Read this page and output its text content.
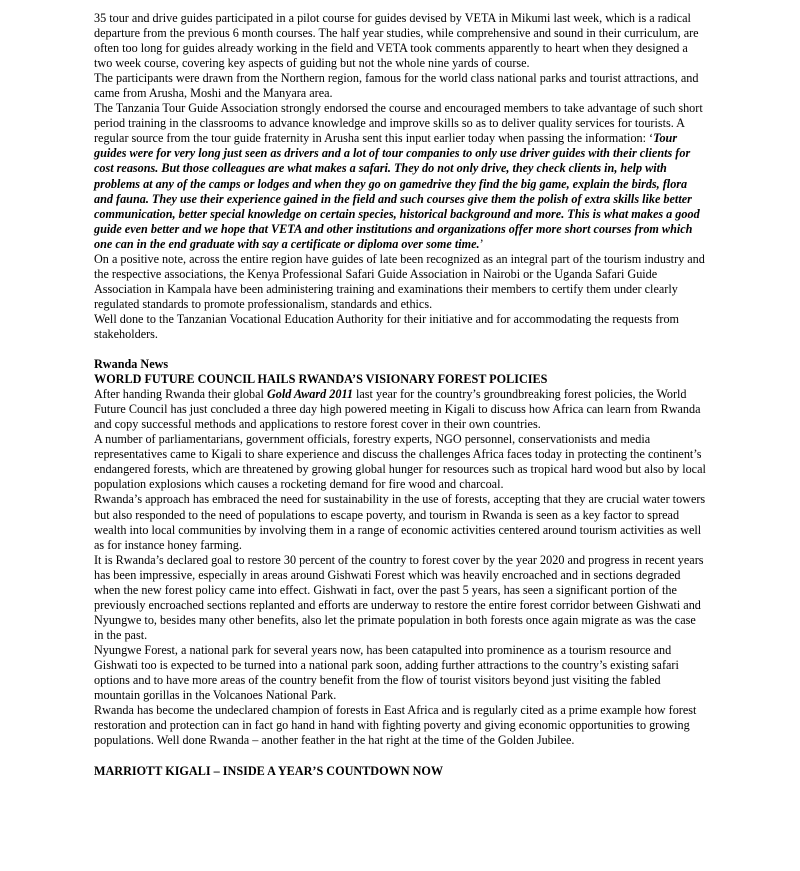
35 tour and drive guides participated in a pilot course for guides devised by VETA in Mikumi last week, which is a radical departure from the previous 6 month courses. The half year studies, while comprehensive and sound in their curriculum, are often too long for guides already working in the field and VETA took comments apparently to heart when they designed a two week course, covering key aspects of guiding but not the whole nine yards of course.

The participants were drawn from the Northern region, famous for the world class national parks and tourist attractions, and came from Arusha, Moshi and the Manyara area.

The Tanzania Tour Guide Association strongly endorsed the course and encouraged members to take advantage of such short period training in the classrooms to advance knowledge and improve skills so as to deliver quality services for tourists. A regular source from the tour guide fraternity in Arusha sent this input earlier today when passing the information: ‘Tour guides were for very long just seen as drivers and a lot of tour companies to only use driver guides with their clients for cost reasons. But those colleagues are what makes a safari. They do not only drive, they check clients in, help with problems at any of the camps or lodges and when they go on gamedrive they find the big game, explain the birds, flora and fauna. They use their experience gained in the field and such courses give them the polish of extra skills like better communication, better special knowledge on certain species, historical background and more. This is what makes a good guide even better and we hope that VETA and other institutions and organizations offer more short courses from which one can in the end graduate with say a certificate or diploma over some time.’

On a positive note, across the entire region have guides of late been recognized as an integral part of the tourism industry and the respective associations, the Kenya Professional Safari Guide Association in Nairobi or the Uganda Safari Guide Association in Kampala have been administering training and examinations their members to certify them under clearly regulated standards to promote professionalism, standards and ethics.

Well done to the Tanzanian Vocational Education Authority for their initiative and for accommodating the requests from stakeholders.

Rwanda News

WORLD FUTURE COUNCIL HAILS RWANDA’S VISIONARY FOREST POLICIES

After handing Rwanda their global Gold Award 2011 last year for the country’s groundbreaking forest policies, the World Future Council has just concluded a three day high powered meeting in Kigali to discuss how Africa can learn from Rwanda and copy successful methods and applications to restore forest cover in their own countries.

A number of parliamentarians, government officials, forestry experts, NGO personnel, conservationists and media representatives came to Kigali to share experience and discuss the challenges Africa faces today in protecting the continent’s endangered forests, which are threatened by growing global hunger for resources such as tropical hard wood but also by local population explosions which causes a rocketing demand for fire wood and charcoal.

Rwanda’s approach has embraced the need for sustainability in the use of forests, accepting that they are crucial water towers but also responded to the need of populations to escape poverty, and tourism in Rwanda is seen as a key factor to spread wealth into local communities by involving them in a range of economic activities centered around tourism activities as well as for instance honey farming.

It is Rwanda’s declared goal to restore 30 percent of the country to forest cover by the year 2020 and progress in recent years has been impressive, especially in areas around Gishwati Forest which was heavily encroached and in sections degraded when the new forest policy came into effect. Gishwati in fact, over the past 5 years, has seen a significant portion of the previously encroached sections replanted and efforts are underway to restore the entire forest corridor between Gishwati and Nyungwe to, besides many other benefits, also let the primate population in both forests once again migrate as was the case in the past.

Nyungwe Forest, a national park for several years now, has been catapulted into prominence as a tourism resource and Gishwati too is expected to be turned into a national park soon, adding further attractions to the country’s existing safari options and to have more areas of the country benefit from the flow of tourist visitors beyond just visiting the fabled mountain gorillas in the Volcanoes National Park.

Rwanda has become the undeclared champion of forests in East Africa and is regularly cited as a prime example how forest restoration and protection can in fact go hand in hand with fighting poverty and giving economic opportunities to growing populations. Well done Rwanda – another feather in the hat right at the time of the Golden Jubilee.

MARRIOTT KIGALI – INSIDE A YEAR’S COUNTDOWN NOW
